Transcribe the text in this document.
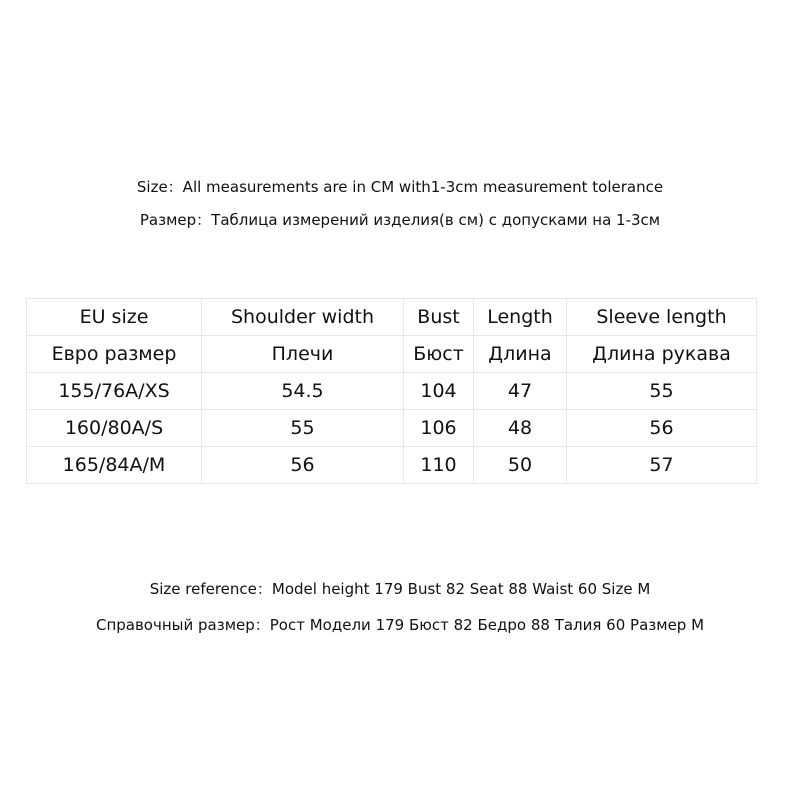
Size：All measurements are in CM with1-3cm measurement tolerance
Размер：Таблица измерений изделия(в см) с допусками на 1-3см
EU size	Shoulder width	Bust	Length	Sleeve length
Евро размер	Плечи	Бюст	Длина	Длина рукава
155/76A/XS	54.5	104	47	55
160/80A/S	55	106	48	56
165/84A/M	56	110	50	57
Size reference：Model height 179 Bust 82 Seat 88 Waist 60 Size M
Справочный размер：Рост Модели 179 Бюст 82 Бедро 88 Талия 60 Размер M
